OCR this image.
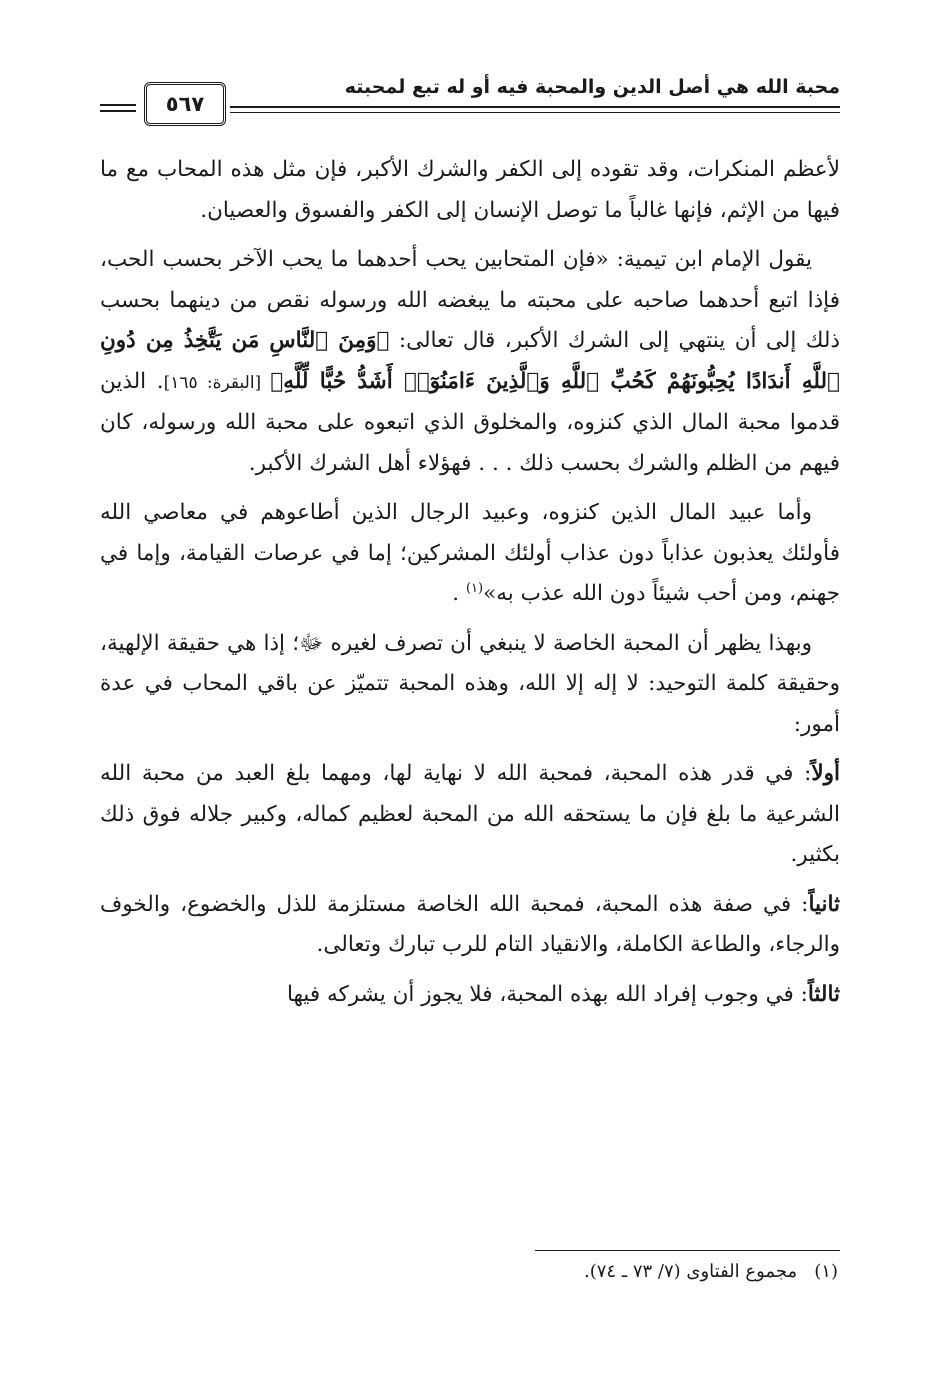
محبة الله هي أصل الدين والمحبة فيه أو له تبع لمحبته
٥٦٧

لأعظم المنكرات، وقد تقوده إلى الكفر والشرك الأكبر، فإن مثل هذه المحاب مع ما فيها من الإثم، فإنها غالباً ما توصل الإنسان إلى الكفر والفسوق والعصيان.

يقول الإمام ابن تيمية: «فإن المتحابين يحب أحدهما ما يحب الآخر بحسب الحب، فإذا اتبع أحدهما صاحبه على محبته ما يبغضه الله ورسوله نقص من دينهما بحسب ذلك إلى أن ينتهي إلى الشرك الأكبر، قال تعالى: ﴿وَمِنَ ٱلنَّاسِ مَن يَتَّخِذُ مِن دُونِ ٱللَّهِ أَندَادًا يُحِبُّونَهُمْ كَحُبِّ ٱللَّهِ وَٱلَّذِينَ ءَامَنُوٓا۟ أَشَدُّ حُبًّا لِّلَّهِ﴾ [البقرة: ١٦٥]. الذين قدموا محبة المال الذي كنزوه، والمخلوق الذي اتبعوه على محبة الله ورسوله، كان فيهم من الظلم والشرك بحسب ذلك . . . فهؤلاء أهل الشرك الأكبر.

وأما عبيد المال الذين كنزوه، وعبيد الرجال الذين أطاعوهم في معاصي الله فأولئك يعذبون عذاباً دون عذاب أولئك المشركين؛ إما في عرصات القيامة، وإما في جهنم، ومن أحب شيئاً دون الله عذب به»$^{(١)}$ .

وبهذا يظهر أن المحبة الخاصة لا ينبغي أن تصرف لغيره ﷻ؛ إذا هي حقيقة الإلهية، وحقيقة كلمة التوحيد: لا إله إلا الله، وهذه المحبة تتميّز عن باقي المحاب في عدة أمور:

أولاً: في قدر هذه المحبة، فمحبة الله لا نهاية لها، ومهما بلغ العبد من محبة الله الشرعية ما بلغ فإن ما يستحقه الله من المحبة لعظيم كماله، وكبير جلاله فوق ذلك بكثير.

ثانياً: في صفة هذه المحبة، فمحبة الله الخاصة مستلزمة للذل والخضوع، والخوف والرجاء، والطاعة الكاملة، والانقياد التام للرب تبارك وتعالى.

ثالثاً: في وجوب إفراد الله بهذه المحبة، فلا يجوز أن يشركه فيها

(١)   مجموع الفتاوى (٧/ ٧٣ ـ ٧٤).
